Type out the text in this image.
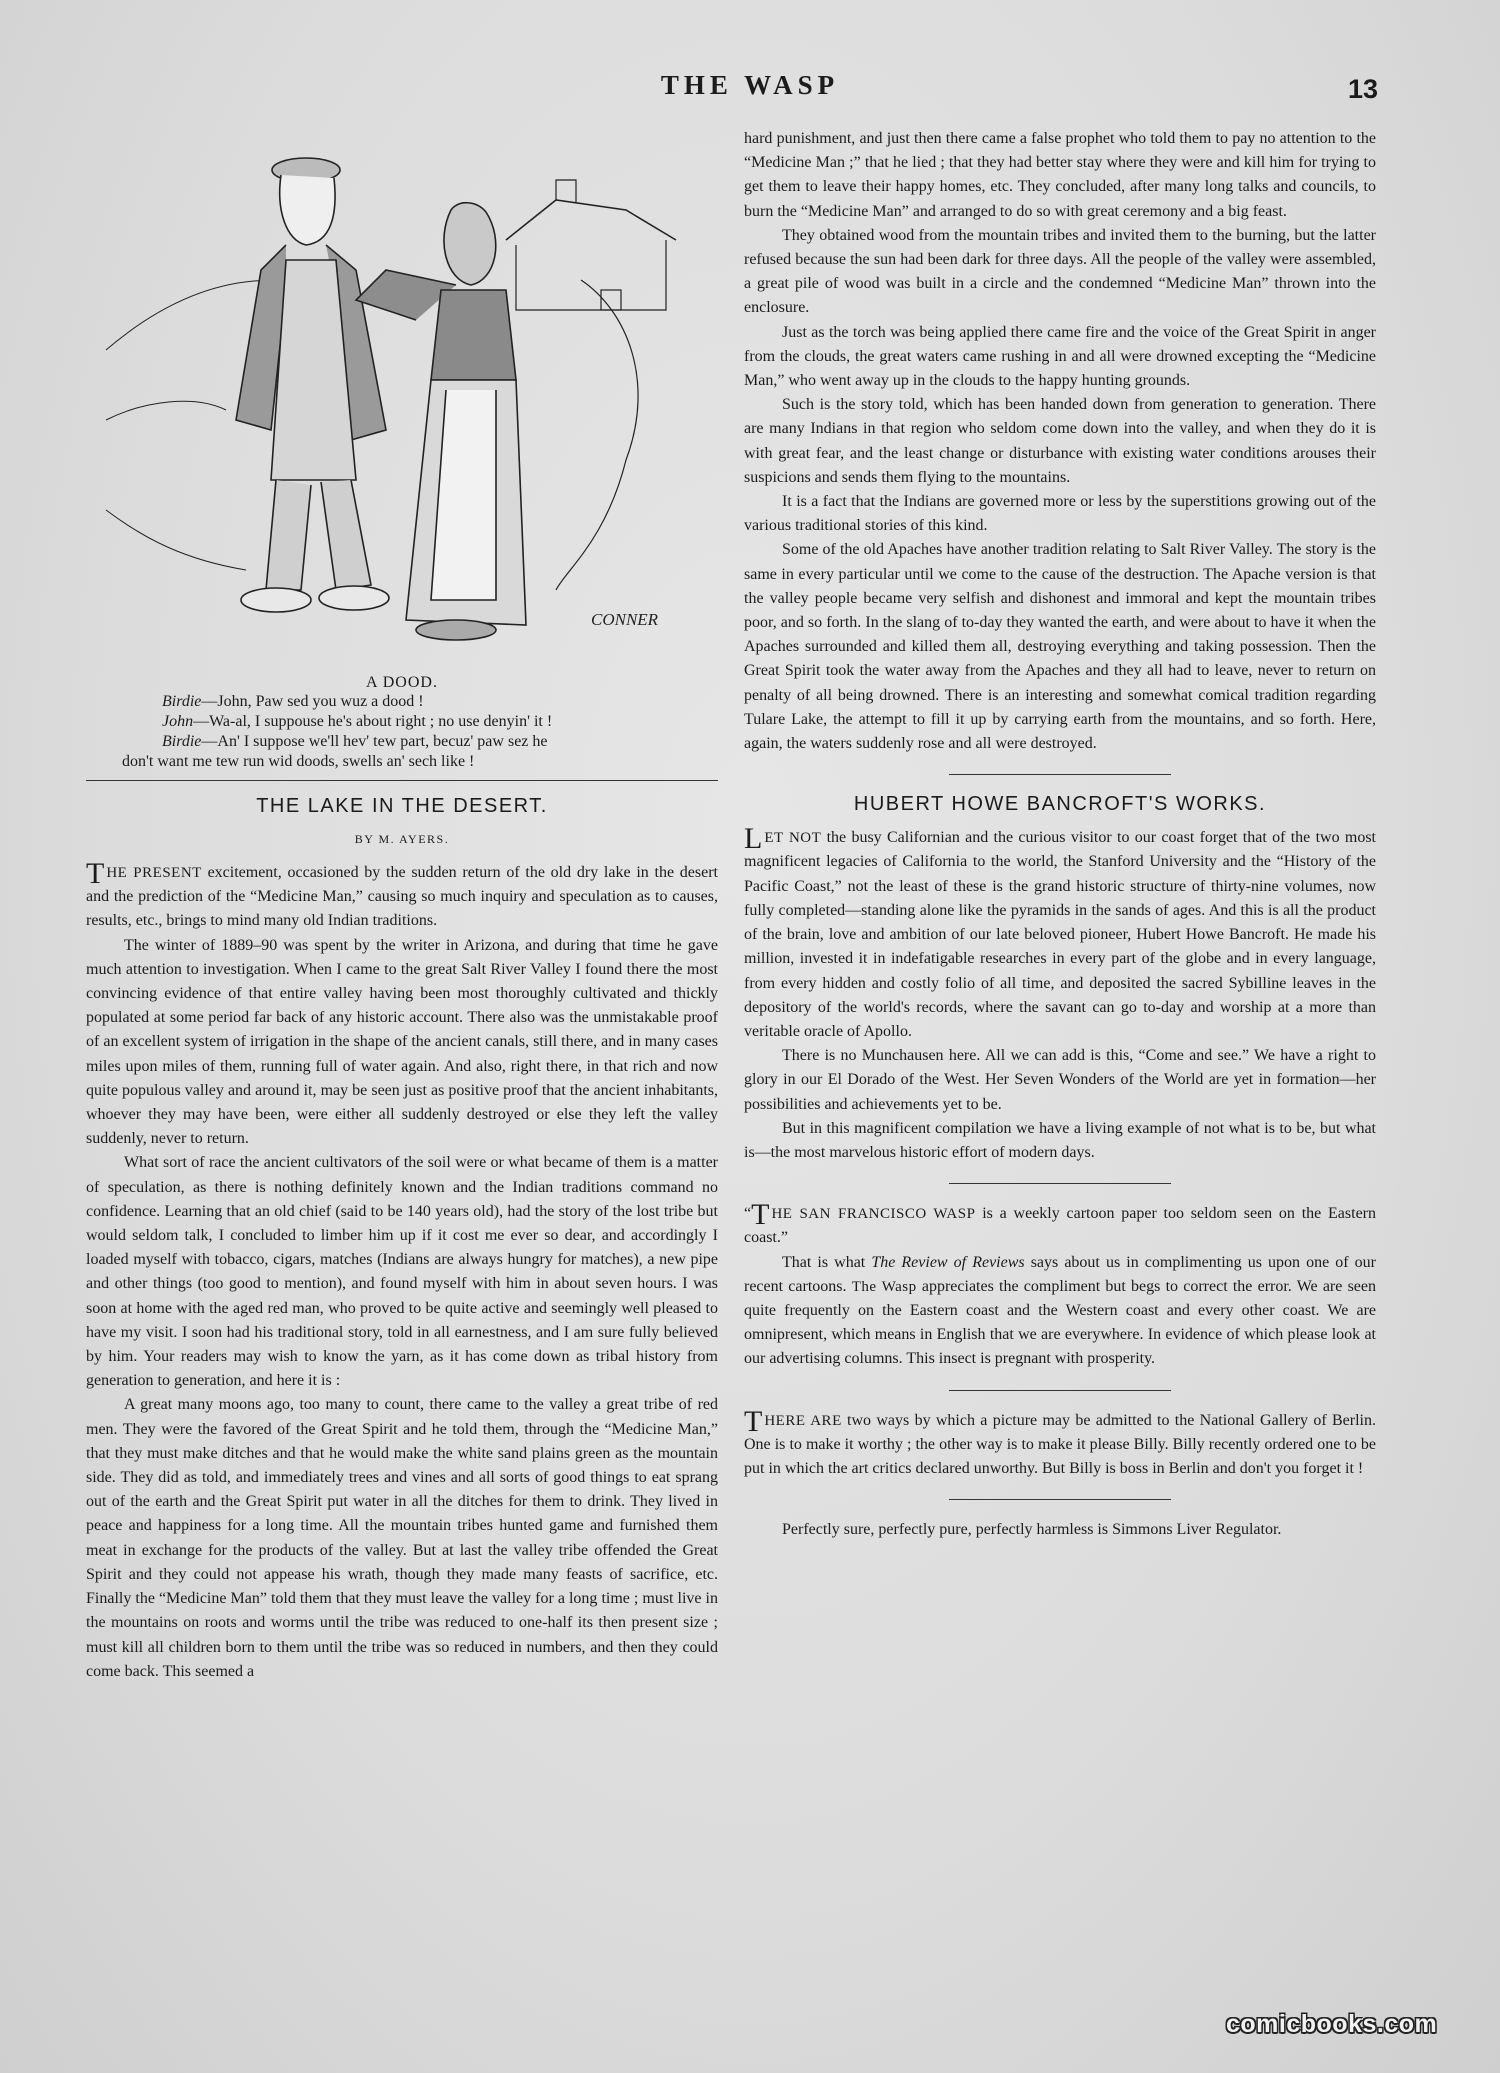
THE WASP	13
CONNER
A DOOD.
Birdie—John, Paw sed you wuz a dood !
John—Wa-al, I suppouse he's about right ; no use denyin' it !
Birdie—An' I suppose we'll hev' tew part, becuz' paw sez he
don't want me tew run wid doods, swells an' sech like !
THE LAKE IN THE DESERT.
BY M. AYERS.

THE PRESENT excitement, occasioned by the sudden return of the old dry lake in the desert and the prediction of the “Medicine Man,” causing so much inquiry and speculation as to causes, results, etc., brings to mind many old Indian traditions.

The winter of 1889–90 was spent by the writer in Arizona, and during that time he gave much attention to investigation. When I came to the great Salt River Valley I found there the most convincing evidence of that entire valley having been most thoroughly cultivated and thickly populated at some period far back of any historic account. There also was the unmistakable proof of an excellent system of irrigation in the shape of the ancient canals, still there, and in many cases miles upon miles of them, running full of water again. And also, right there, in that rich and now quite populous valley and around it, may be seen just as positive proof that the ancient inhabitants, whoever they may have been, were either all suddenly destroyed or else they left the valley suddenly, never to return.

What sort of race the ancient cultivators of the soil were or what became of them is a matter of speculation, as there is nothing definitely known and the Indian traditions command no confidence. Learning that an old chief (said to be 140 years old), had the story of the lost tribe but would seldom talk, I concluded to limber him up if it cost me ever so dear, and accordingly I loaded myself with tobacco, cigars, matches (Indians are always hungry for matches), a new pipe and other things (too good to mention), and found myself with him in about seven hours. I was soon at home with the aged red man, who proved to be quite active and seemingly well pleased to have my visit. I soon had his traditional story, told in all earnestness, and I am sure fully believed by him. Your readers may wish to know the yarn, as it has come down as tribal history from generation to generation, and here it is :

A great many moons ago, too many to count, there came to the valley a great tribe of red men. They were the favored of the Great Spirit and he told them, through the “Medicine Man,” that they must make ditches and that he would make the white sand plains green as the mountain side. They did as told, and immediately trees and vines and all sorts of good things to eat sprang out of the earth and the Great Spirit put water in all the ditches for them to drink. They lived in peace and happiness for a long time. All the mountain tribes hunted game and furnished them meat in exchange for the products of the valley. But at last the valley tribe offended the Great Spirit and they could not appease his wrath, though they made many feasts of sacrifice, etc. Finally the “Medicine Man” told them that they must leave the valley for a long time ; must live in the mountains on roots and worms until the tribe was reduced to one-half its then present size ; must kill all children born to them until the tribe was so reduced in numbers, and then they could come back. This seemed a

hard punishment, and just then there came a false prophet who told them to pay no attention to the “Medicine Man ;” that he lied ; that they had better stay where they were and kill him for trying to get them to leave their happy homes, etc. They concluded, after many long talks and councils, to burn the “Medicine Man” and arranged to do so with great ceremony and a big feast.

They obtained wood from the mountain tribes and invited them to the burning, but the latter refused because the sun had been dark for three days. All the people of the valley were assembled, a great pile of wood was built in a circle and the condemned “Medicine Man” thrown into the enclosure.

Just as the torch was being applied there came fire and the voice of the Great Spirit in anger from the clouds, the great waters came rushing in and all were drowned excepting the “Medicine Man,” who went away up in the clouds to the happy hunting grounds.

Such is the story told, which has been handed down from generation to generation. There are many Indians in that region who seldom come down into the valley, and when they do it is with great fear, and the least change or disturbance with existing water conditions arouses their suspicions and sends them flying to the mountains.

It is a fact that the Indians are governed more or less by the superstitions growing out of the various traditional stories of this kind.

Some of the old Apaches have another tradition relating to Salt River Valley. The story is the same in every particular until we come to the cause of the destruction. The Apache version is that the valley people became very selfish and dishonest and immoral and kept the mountain tribes poor, and so forth. In the slang of to-day they wanted the earth, and were about to have it when the Apaches surrounded and killed them all, destroying everything and taking possession. Then the Great Spirit took the water away from the Apaches and they all had to leave, never to return on penalty of all being drowned. There is an interesting and somewhat comical tradition regarding Tulare Lake, the attempt to fill it up by carrying earth from the mountains, and so forth. Here, again, the waters suddenly rose and all were destroyed.

HUBERT HOWE BANCROFT'S WORKS.

LET NOT the busy Californian and the curious visitor to our coast forget that of the two most magnificent legacies of California to the world, the Stanford University and the “History of the Pacific Coast,” not the least of these is the grand historic structure of thirty-nine volumes, now fully completed—standing alone like the pyramids in the sands of ages. And this is all the product of the brain, love and ambition of our late beloved pioneer, Hubert Howe Bancroft. He made his million, invested it in indefatigable researches in every part of the globe and in every language, from every hidden and costly folio of all time, and deposited the sacred Sybilline leaves in the depository of the world's records, where the savant can go to-day and worship at a more than veritable oracle of Apollo.

There is no Munchausen here. All we can add is this, “Come and see.” We have a right to glory in our El Dorado of the West. Her Seven Wonders of the World are yet in formation—her possibilities and achievements yet to be.

But in this magnificent compilation we have a living example of not what is to be, but what is—the most marvelous historic effort of modern days.

“T HE SAN FRANCISCO WASP is a weekly cartoon paper too seldom seen on the Eastern coast.”

That is what The Review of Reviews says about us in complimenting us upon one of our recent cartoons. The Wasp appreciates the compliment but begs to correct the error. We are seen quite frequently on the Eastern coast and the Western coast and every other coast. We are omnipresent, which means in English that we are everywhere. In evidence of which please look at our advertising columns. This insect is pregnant with prosperity.

THERE ARE two ways by which a picture may be admitted to the National Gallery of Berlin. One is to make it worthy ; the other way is to make it please Billy. Billy recently ordered one to be put in which the art critics declared unworthy. But Billy is boss in Berlin and don't you forget it !

Perfectly sure, perfectly pure, perfectly harmless is Simmons Liver Regulator.

comicbooks.com
